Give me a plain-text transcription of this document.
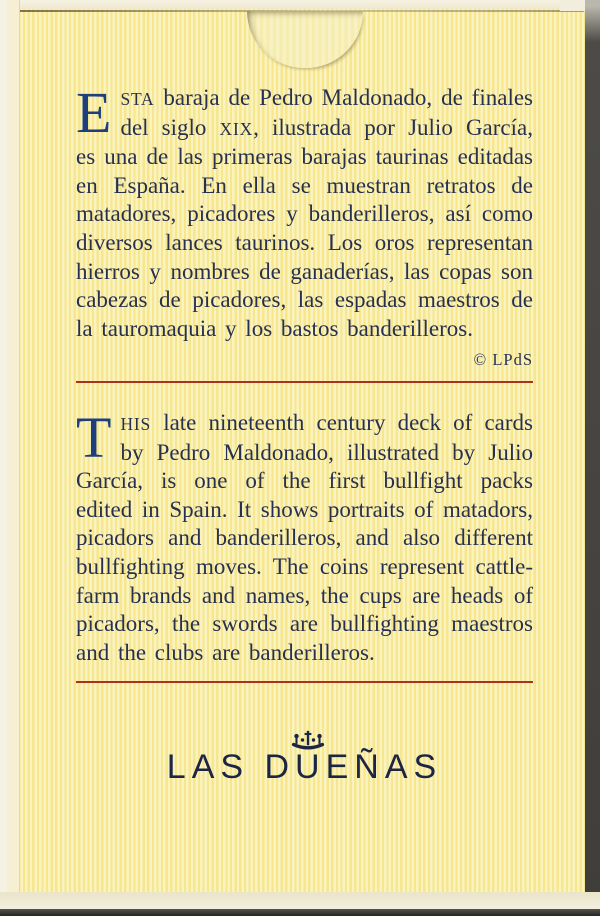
ESTA baraja de Pedro Maldonado, de finales del siglo XIX, ilustrada por Julio García, es una de las primeras barajas taurinas editadas en España. En ella se muestran retratos de matadores, picadores y banderilleros, así como diversos lances taurinos. Los oros representan hierros y nombres de ganaderías, las copas son cabezas de picadores, las espadas maestros de la tauromaquia y los bastos banderilleros.

© LPdS

THIS late nineteenth century deck of cards by Pedro Maldonado, illustrated by Julio García, is one of the first bullfight packs edited in Spain. It shows portraits of matadors, picadors and banderilleros, and also different bullfighting moves. The coins represent cattle-farm brands and names, the cups are heads of picadors, the swords are bullfighting maestros and the clubs are banderilleros.

LAS D
UEÑAS
